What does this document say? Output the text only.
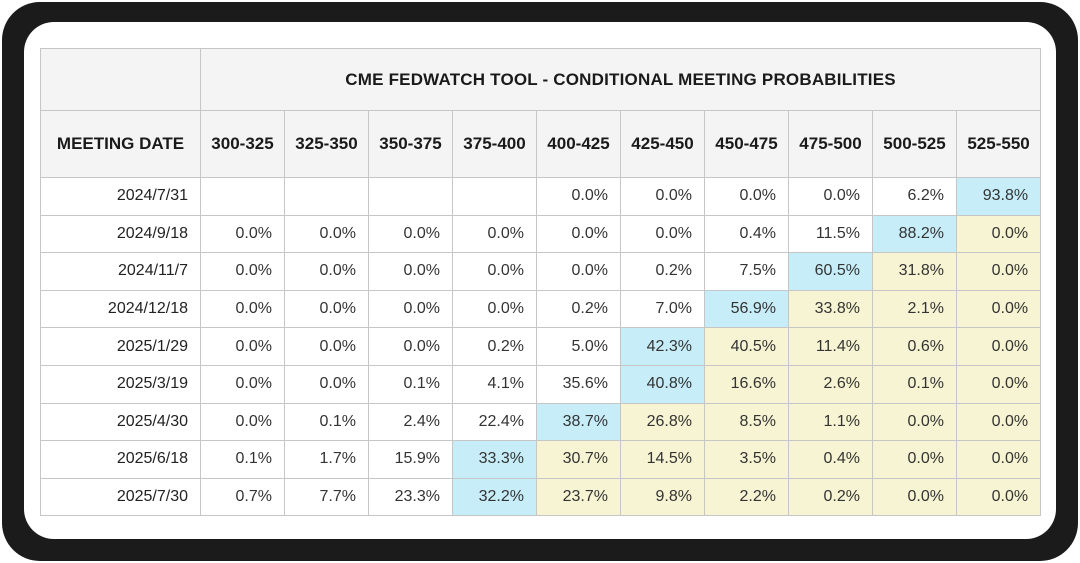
	CME FEDWATCH TOOL - CONDITIONAL MEETING PROBABILITIES									
MEETING DATE	300-325	325-350	350-375	375-400	400-425	425-450	450-475	475-500	500-525	525-550
2024/7/31					0.0%	0.0%	0.0%	0.0%	6.2%	93.8%
2024/9/18	0.0%	0.0%	0.0%	0.0%	0.0%	0.0%	0.4%	11.5%	88.2%	0.0%
2024/11/7	0.0%	0.0%	0.0%	0.0%	0.0%	0.2%	7.5%	60.5%	31.8%	0.0%
2024/12/18	0.0%	0.0%	0.0%	0.0%	0.2%	7.0%	56.9%	33.8%	2.1%	0.0%
2025/1/29	0.0%	0.0%	0.0%	0.2%	5.0%	42.3%	40.5%	11.4%	0.6%	0.0%
2025/3/19	0.0%	0.0%	0.1%	4.1%	35.6%	40.8%	16.6%	2.6%	0.1%	0.0%
2025/4/30	0.0%	0.1%	2.4%	22.4%	38.7%	26.8%	8.5%	1.1%	0.0%	0.0%
2025/6/18	0.1%	1.7%	15.9%	33.3%	30.7%	14.5%	3.5%	0.4%	0.0%	0.0%
2025/7/30	0.7%	7.7%	23.3%	32.2%	23.7%	9.8%	2.2%	0.2%	0.0%	0.0%
